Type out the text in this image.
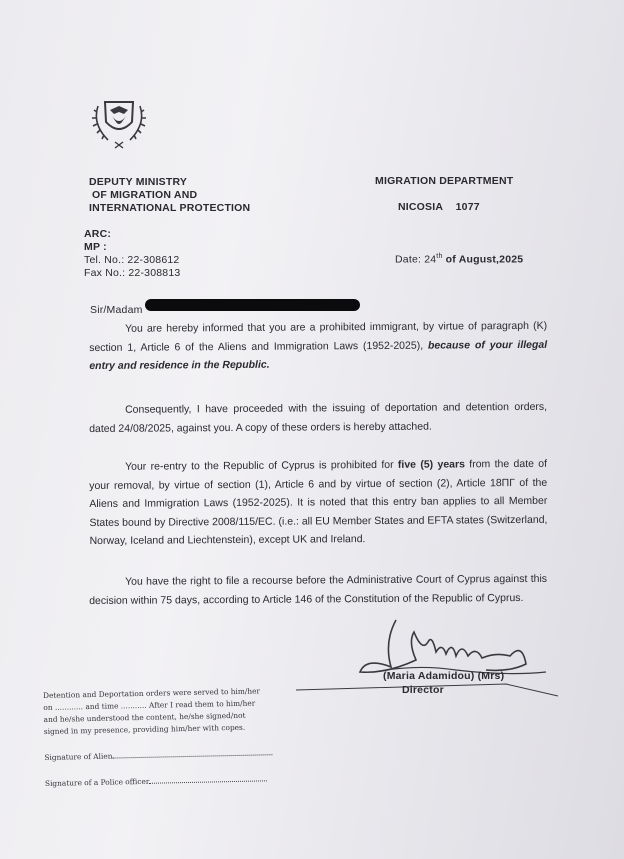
DEPUTY MINISTRY
OF MIGRATION AND
INTERNATIONAL PROTECTION
MIGRATION DEPARTMENT
NICOSIA 1077
ARC:
MP :
Tel. No.: 22-308612
Fax No.: 22-308813
Date: 24th of August,2025
Sir/Madam
You are hereby informed that you are a prohibited immigrant, by virtue of paragraph (K) section 1, Article 6 of the Aliens and Immigration Laws (1952-2025), because of your illegal entry and residence in the Republic.
Consequently, I have proceeded with the issuing of deportation and detention orders, dated 24/08/2025, against you. A copy of these orders is hereby attached.
Your re-entry to the Republic of Cyprus is prohibited for five (5) years from the date of your removal, by virtue of section (1), Article 6 and by virtue of section (2), Article 18ΠΓ of the Aliens and Immigration Laws (1952-2025). It is noted that this entry ban applies to all Member States bound by Directive 2008/115/EC. (i.e.: all EU Member States and EFTA states (Switzerland, Norway, Iceland and Liechtenstein), except UK and Ireland.
You have the right to file a recourse before the Administrative Court of Cyprus against this decision within 75 days, according to Article 146 of the Constitution of the Republic of Cyprus.
(Maria Adamidou) (Mrs)
Director
Detention and Deportation orders were served to him/her
on ............ and time ........... After I read them to him/her
and he/she understood the content, he/she signed/not
signed in my presence, providing him/her with copes.
Signature of Alien
Signature of a Police officer
